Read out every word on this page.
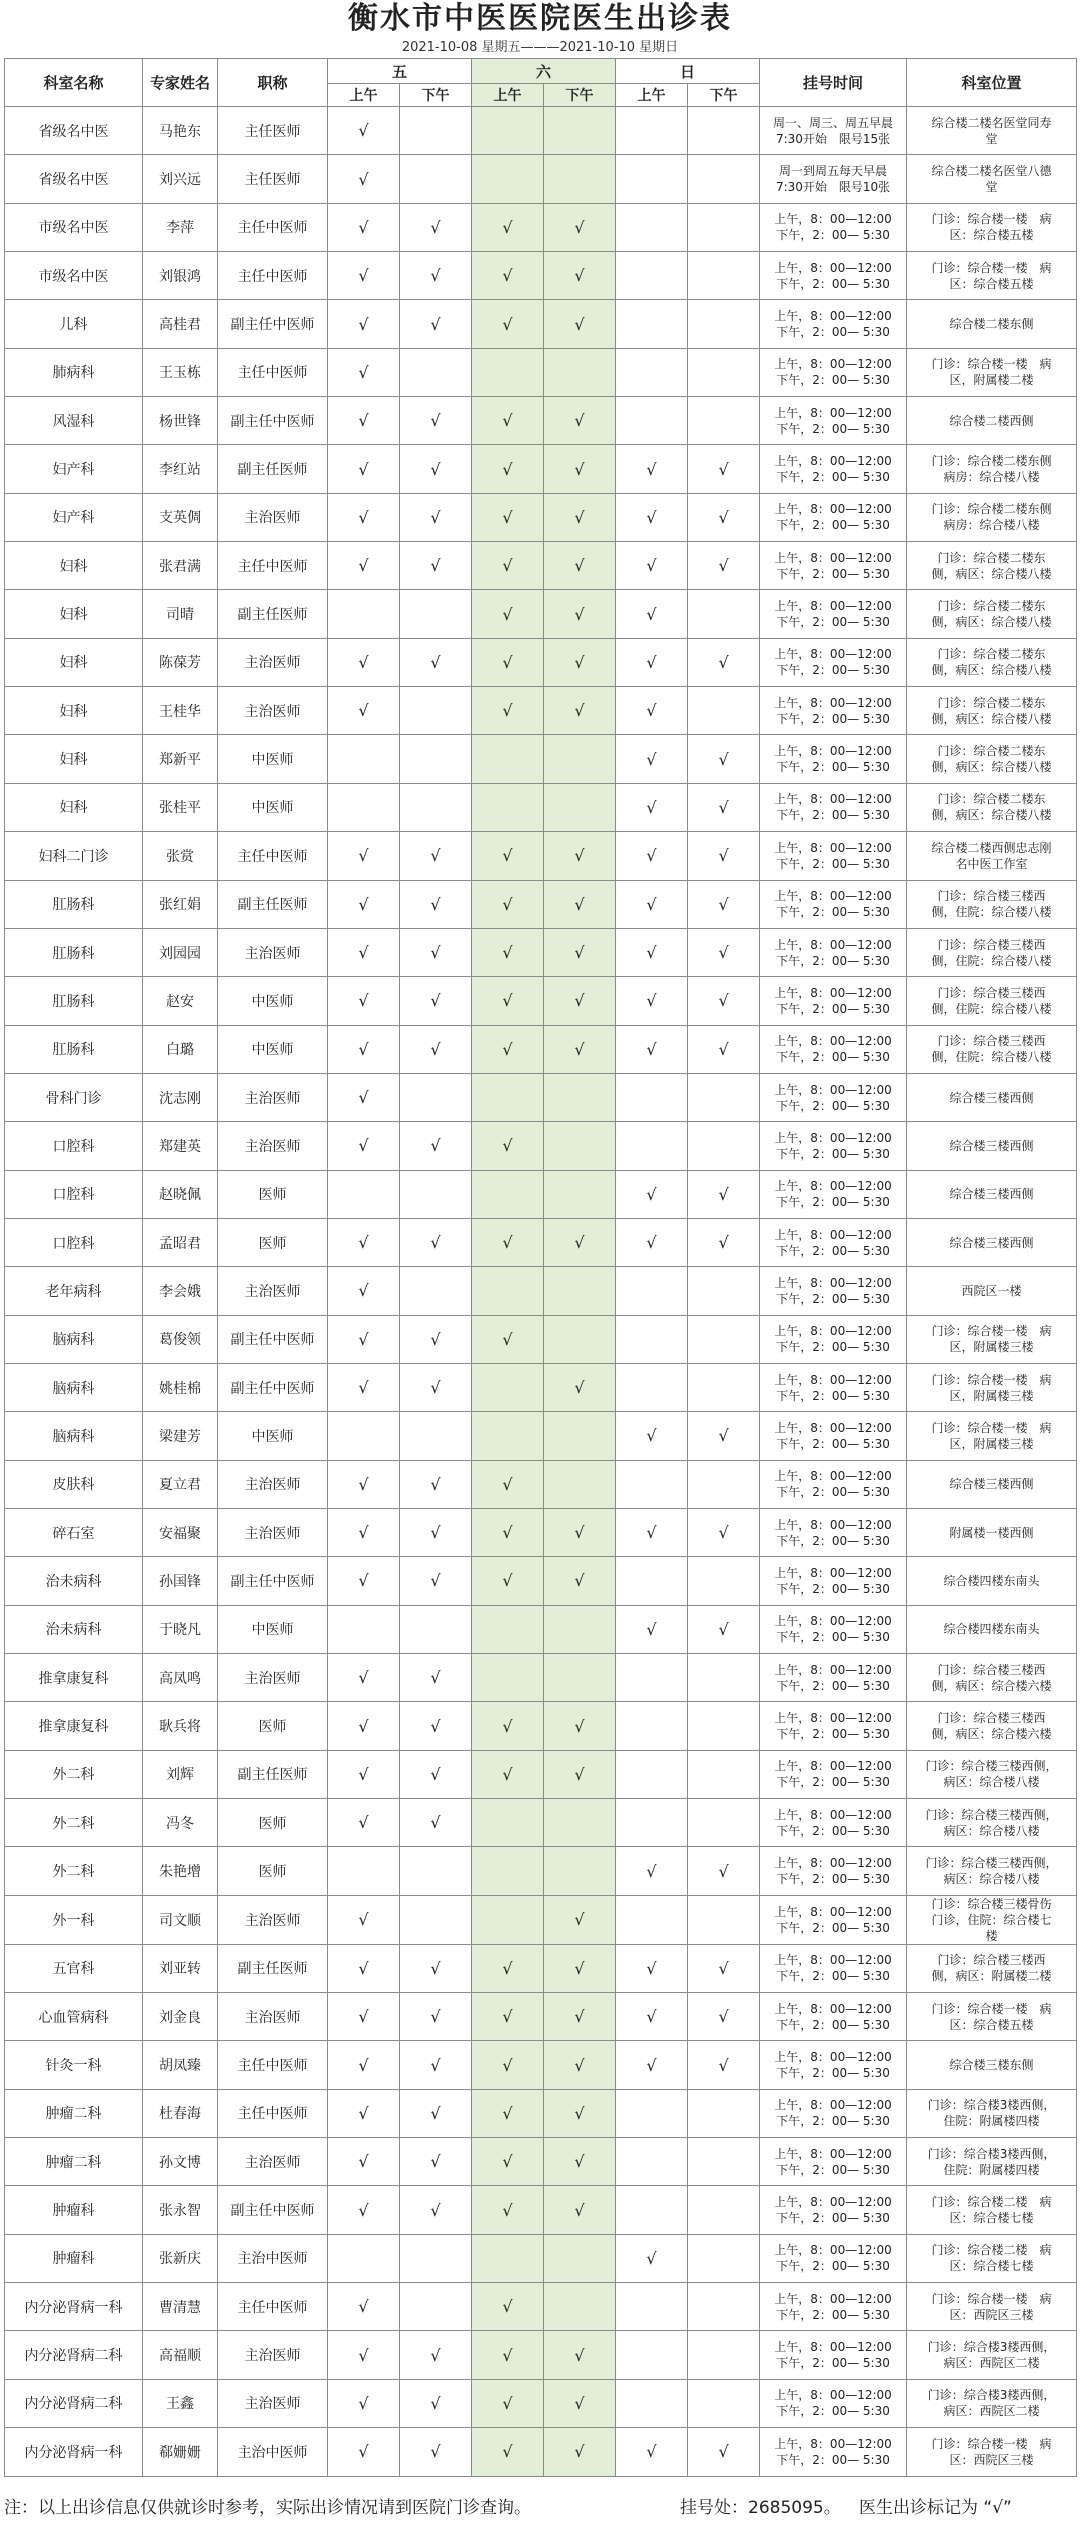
衡水市中医医院医生出诊表
2021-10-08 星期五———2021-10-10 星期日
科室名称	专家姓名	职称	五		六		日		挂号时间	科室位置
			上午	下午	上午	下午	上午	下午		
省级名中医	马艳东	主任医师	√						周一、周三、周五早晨
7:30开始　限号15张	综合楼二楼名医堂同寿
堂

省级名中医	刘兴远	主任医师	√						周一到周五每天早晨
7:30开始　限号10张	综合楼二楼名医堂八德
堂

市级名中医	李萍	主任中医师	√	√	√	√			上午，8：00—12:00
下午，2：00— 5:30	门诊：综合楼一楼　病
区：综合楼五楼

市级名中医	刘银鸿	主任中医师	√	√	√	√			上午，8：00—12:00
下午，2：00— 5:30	门诊：综合楼一楼　病
区：综合楼五楼

儿科	高桂君	副主任中医师	√	√	√	√			上午，8：00—12:00
下午，2：00— 5:30	综合楼二楼东侧

肺病科	王玉栋	主任中医师	√						上午，8：00—12:00
下午，2：00— 5:30	门诊：综合楼一楼　病
区，附属楼二楼

风湿科	杨世锋	副主任中医师	√	√	√	√			上午，8：00—12:00
下午，2：00— 5:30	综合楼二楼西侧

妇产科	李红站	副主任医师	√	√	√	√	√	√	上午，8：00—12:00
下午，2：00— 5:30	门诊：综合楼二楼东侧
病房：综合楼八楼

妇产科	支英倜	主治医师	√	√	√	√	√	√	上午，8：00—12:00
下午，2：00— 5:30	门诊：综合楼二楼东侧
病房：综合楼八楼

妇科	张君满	主任中医师	√	√	√	√	√	√	上午，8：00—12:00
下午，2：00— 5:30	门诊：综合楼二楼东
侧，病区：综合楼八楼

妇科	司晴	副主任医师			√	√	√		上午，8：00—12:00
下午，2：00— 5:30	门诊：综合楼二楼东
侧，病区：综合楼八楼

妇科	陈葆芳	主治医师	√	√	√	√	√	√	上午，8：00—12:00
下午，2：00— 5:30	门诊：综合楼二楼东
侧，病区：综合楼八楼

妇科	王桂华	主治医师	√		√	√	√		上午，8：00—12:00
下午，2：00— 5:30	门诊：综合楼二楼东
侧，病区：综合楼八楼

妇科	郑新平	中医师					√	√	上午，8：00—12:00
下午，2：00— 5:30	门诊：综合楼二楼东
侧，病区：综合楼八楼

妇科	张桂平	中医师					√	√	上午，8：00—12:00
下午，2：00— 5:30	门诊：综合楼二楼东
侧，病区：综合楼八楼

妇科二门诊	张赏	主任中医师	√	√	√	√	√	√	上午，8：00—12:00
下午，2：00— 5:30	综合楼二楼西侧忠志刚
名中医工作室

肛肠科	张红娟	副主任医师	√	√	√	√	√	√	上午，8：00—12:00
下午，2：00— 5:30	门诊：综合楼三楼西
侧，住院：综合楼八楼

肛肠科	刘园园	主治医师	√	√	√	√	√	√	上午，8：00—12:00
下午，2：00— 5:30	门诊：综合楼三楼西
侧，住院：综合楼八楼

肛肠科	赵安	中医师	√	√	√	√	√	√	上午，8：00—12:00
下午，2：00— 5:30	门诊：综合楼三楼西
侧，住院：综合楼八楼

肛肠科	白璐	中医师	√	√	√	√	√	√	上午，8：00—12:00
下午，2：00— 5:30	门诊：综合楼三楼西
侧，住院：综合楼八楼

骨科门诊	沈志刚	主治医师	√						上午，8：00—12:00
下午，2：00— 5:30	综合楼三楼西侧

口腔科	郑建英	主治医师	√	√	√				上午，8：00—12:00
下午，2：00— 5:30	综合楼三楼西侧

口腔科	赵晓佩	医师					√	√	上午，8：00—12:00
下午，2：00— 5:30	综合楼三楼西侧

口腔科	孟昭君	医师	√	√	√	√	√	√	上午，8：00—12:00
下午，2：00— 5:30	综合楼三楼西侧

老年病科	李会娥	主治医师	√						上午，8：00—12:00
下午，2：00— 5:30	西院区一楼

脑病科	葛俊领	副主任中医师	√	√	√				上午，8：00—12:00
下午，2：00— 5:30	门诊：综合楼一楼　病
区，附属楼三楼

脑病科	姚桂棉	副主任中医师	√	√		√			上午，8：00—12:00
下午，2：00— 5:30	门诊：综合楼一楼　病
区，附属楼三楼

脑病科	梁建芳	中医师					√	√	上午，8：00—12:00
下午，2：00— 5:30	门诊：综合楼一楼　病
区，附属楼三楼

皮肤科	夏立君	主治医师	√	√	√				上午，8：00—12:00
下午，2：00— 5:30	综合楼三楼西侧

碎石室	安福聚	主治医师	√	√	√	√	√	√	上午，8：00—12:00
下午，2：00— 5:30	附属楼一楼西侧

治未病科	孙国锋	副主任中医师	√	√	√	√			上午，8：00—12:00
下午，2：00— 5:30	综合楼四楼东南头

治未病科	于晓凡	中医师					√	√	上午，8：00—12:00
下午，2：00— 5:30	综合楼四楼东南头

推拿康复科	高凤鸣	主治医师	√	√					上午，8：00—12:00
下午，2：00— 5:30	门诊：综合楼三楼西
侧，病区：综合楼六楼

推拿康复科	耿兵将	医师	√	√	√	√			上午，8：00—12:00
下午，2：00— 5:30	门诊：综合楼三楼西
侧，病区：综合楼六楼

外二科	刘辉	副主任医师	√	√	√	√			上午，8：00—12:00
下午，2：00— 5:30	门诊：综合楼三楼西侧，
病区：综合楼八楼

外二科	冯冬	医师	√	√					上午，8：00—12:00
下午，2：00— 5:30	门诊：综合楼三楼西侧，
病区：综合楼八楼

外二科	朱艳增	医师					√	√	上午，8：00—12:00
下午，2：00— 5:30	门诊：综合楼三楼西侧，
病区：综合楼八楼

外一科	司文顺	主治医师	√			√			上午，8：00—12:00
下午，2：00— 5:30	门诊：综合楼三楼骨伤
门诊，住院：综合楼七
楼

五官科	刘亚转	副主任医师	√	√	√	√	√	√	上午，8：00—12:00
下午，2：00— 5:30	门诊：综合楼三楼西
侧，病区：附属楼二楼

心血管病科	刘金良	主治医师	√	√	√	√	√	√	上午，8：00—12:00
下午，2：00— 5:30	门诊：综合楼一楼　病
区：综合楼五楼

针灸一科	胡凤臻	主任中医师	√	√	√	√	√	√	上午，8：00—12:00
下午，2：00— 5:30	综合楼三楼东侧

肿瘤二科	杜春海	主任中医师	√	√	√	√			上午，8：00—12:00
下午，2：00— 5:30	门诊：综合楼3楼西侧，
住院：附属楼四楼

肿瘤二科	孙文博	主治医师	√	√	√	√			上午，8：00—12:00
下午，2：00— 5:30	门诊：综合楼3楼西侧，
住院：附属楼四楼

肿瘤科	张永智	副主任中医师	√	√	√	√			上午，8：00—12:00
下午，2：00— 5:30	门诊：综合楼二楼　病
区：综合楼七楼

肿瘤科	张新庆	主治中医师					√		上午，8：00—12:00
下午，2：00— 5:30	门诊：综合楼二楼　病
区：综合楼七楼

内分泌肾病一科	曹清慧	主任中医师	√		√				上午，8：00—12:00
下午，2：00— 5:30	门诊：综合楼一楼　病
区：西院区三楼

内分泌肾病二科	高福顺	主治医师	√	√	√	√			上午，8：00—12:00
下午，2：00— 5:30	门诊：综合楼3楼西侧，
病区：西院区二楼

内分泌肾病二科	王鑫	主治医师	√	√	√	√			上午，8：00—12:00
下午，2：00— 5:30	门诊：综合楼3楼西侧，
病区：西院区二楼

内分泌肾病一科	郗姗姗	主治中医师	√	√	√	√	√	√	上午，8：00—12:00
下午，2：00— 5:30	门诊：综合楼一楼　病
区：西院区三楼
注：以上出诊信息仅供就诊时参考，实际出诊情况请到医院门诊查询。	挂号处：2685095。 医生出诊标记为 “√”
